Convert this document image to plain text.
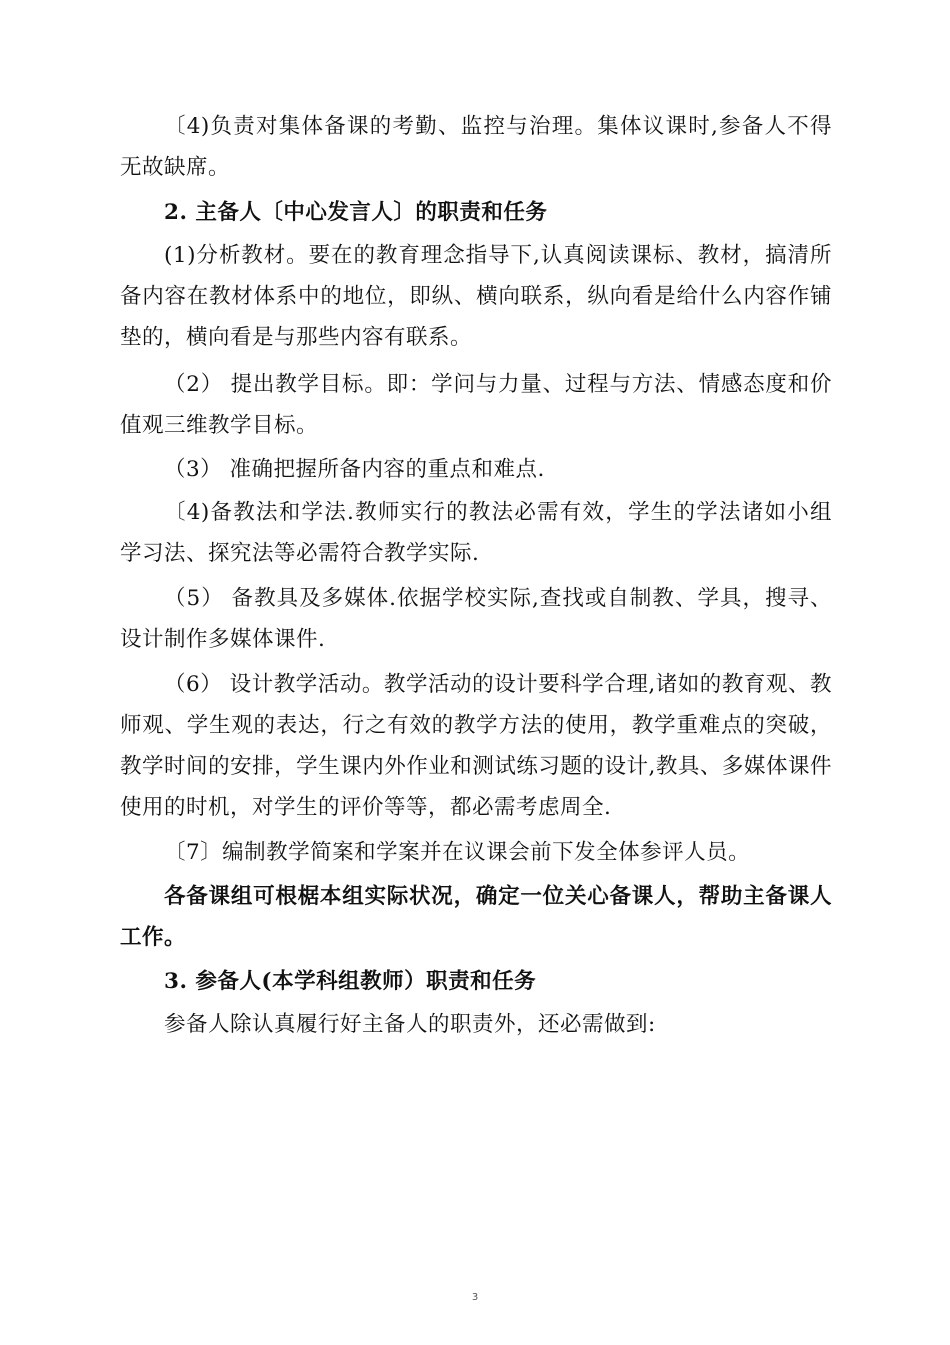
〔4)负责对集体备课的考勤、监控与治理。集体议课时,参备人不得无故缺席。

2. 主备人〔中心发言人〕的职责和任务

(1)分析教材。要在的教育理念指导下,认真阅读课标、教材，搞清所备内容在教材体系中的地位，即纵、横向联系，纵向看是给什么内容作铺垫的，横向看是与那些内容有联系。

（2） 提出教学目标。即：学问与力量、过程与方法、情感态度和价值观三维教学目标。

（3） 准确把握所备内容的重点和难点.

〔4)备教法和学法.教师实行的教法必需有效，学生的学法诸如小组学习法、探究法等必需符合教学实际.

（5） 备教具及多媒体.依据学校实际,查找或自制教、学具，搜寻、设计制作多媒体课件.

（6） 设计教学活动。教学活动的设计要科学合理,诸如的教育观、教师观、学生观的表达，行之有效的教学方法的使用，教学重难点的突破， 教学时间的安排，学生课内外作业和测试练习题的设计,教具、多媒体课件使用的时机，对学生的评价等等，都必需考虑周全.

〔7〕编制教学简案和学案并在议课会前下发全体参评人员。

各备课组可根椐本组实际状况，确定一位关心备课人，帮助主备课人工作。

3. 参备人(本学科组教师）职责和任务

参备人除认真履行好主备人的职责外，还必需做到:

3
